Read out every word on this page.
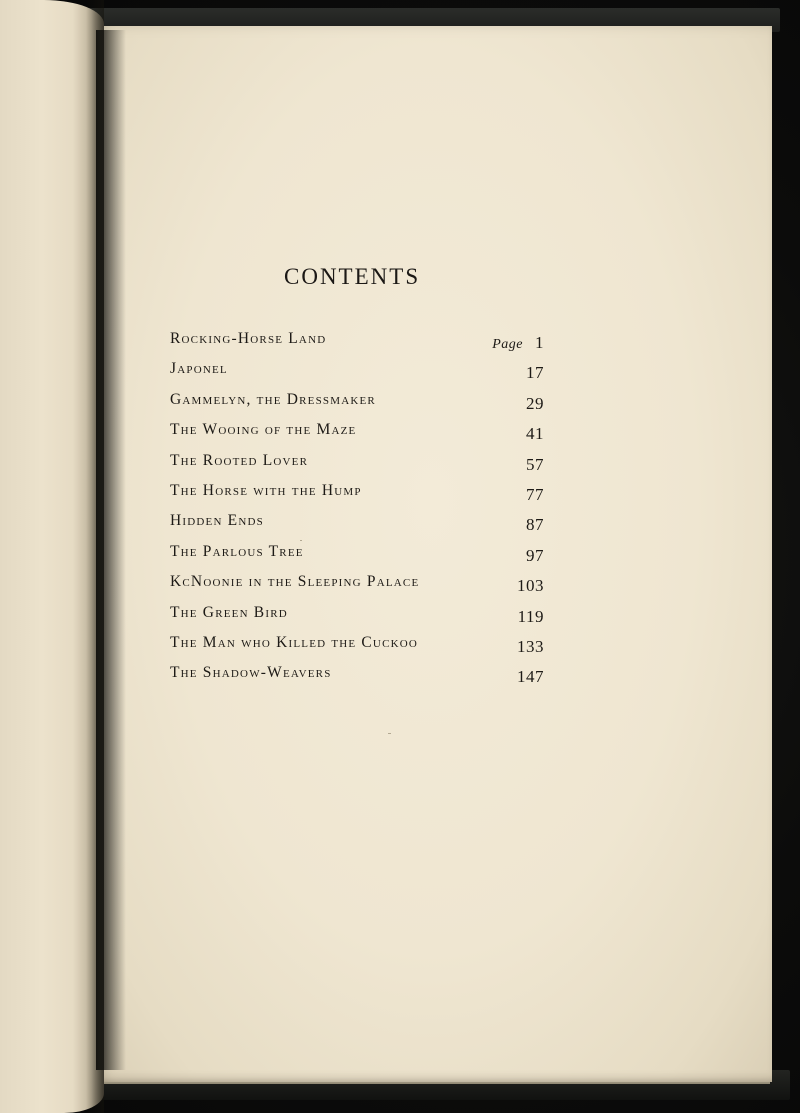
CONTENTS
Rocking-Horse Land	Page 1
Japonel	17
Gammelyn, the Dressmaker	29
The Wooing of the Maze	41
The Rooted Lover	57
The Horse with the Hump	77
Hidden Ends	87
The Parlous Tree	97
KcNoonie in the Sleeping Palace	103
The Green Bird	119
The Man who Killed the Cuckoo	133
The Shadow-Weavers	147
